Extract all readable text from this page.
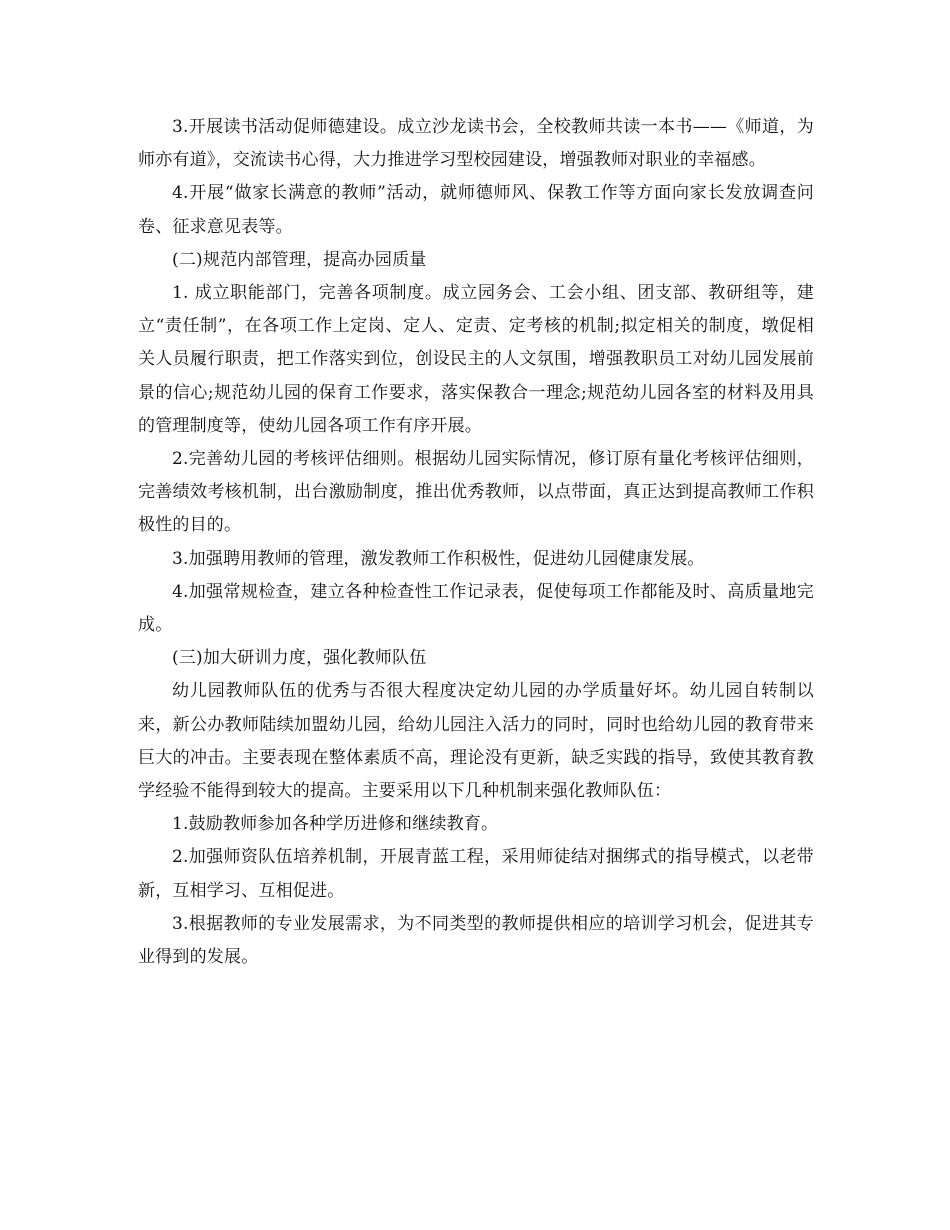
3.开展读书活动促师德建设。成立沙龙读书会，全校教师共读一本书——《师道，为师亦有道》，交流读书心得，大力推进学习型校园建设，增强教师对职业的幸福感。

4.开展“做家长满意的教师”活动，就师德师风、保教工作等方面向家长发放调查问卷、征求意见表等。

(二)规范内部管理，提高办园质量

1. 成立职能部门，完善各项制度。成立园务会、工会小组、团支部、教研组等，建立“责任制”，在各项工作上定岗、定人、定责、定考核的机制;拟定相关的制度，墩促相关人员履行职责，把工作落实到位，创设民主的人文氛围，增强教职员工对幼儿园发展前景的信心;规范幼儿园的保育工作要求，落实保教合一理念;规范幼儿园各室的材料及用具的管理制度等，使幼儿园各项工作有序开展。

2.完善幼儿园的考核评估细则。根据幼儿园实际情况，修订原有量化考核评估细则，完善绩效考核机制，出台激励制度，推出优秀教师，以点带面，真正达到提高教师工作积极性的目的。

3.加强聘用教师的管理，激发教师工作积极性，促进幼儿园健康发展。

4.加强常规检查，建立各种检查性工作记录表，促使每项工作都能及时、高质量地完成。

(三)加大研训力度，强化教师队伍

幼儿园教师队伍的优秀与否很大程度决定幼儿园的办学质量好坏。幼儿园自转制以来，新公办教师陆续加盟幼儿园，给幼儿园注入活力的同时，同时也给幼儿园的教育带来巨大的冲击。主要表现在整体素质不高，理论没有更新，缺乏实践的指导，致使其教育教学经验不能得到较大的提高。主要采用以下几种机制来强化教师队伍：

1.鼓励教师参加各种学历进修和继续教育。

2.加强师资队伍培养机制，开展青蓝工程，采用师徒结对捆绑式的指导模式，以老带新，互相学习、互相促进。

3.根据教师的专业发展需求，为不同类型的教师提供相应的培训学习机会，促进其专业得到的发展。
